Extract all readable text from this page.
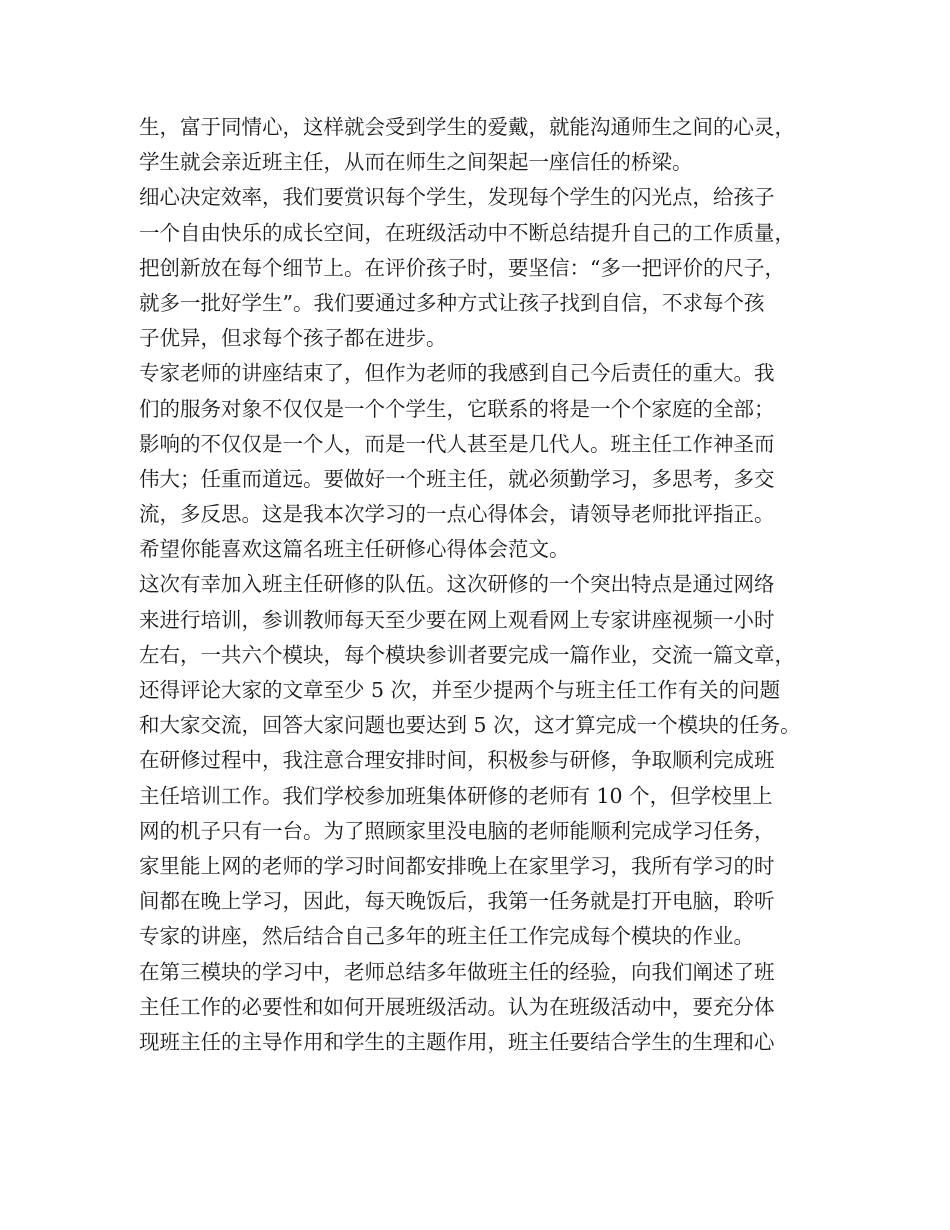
生，富于同情心，这样就会受到学生的爱戴，就能沟通师生之间的心灵，
学生就会亲近班主任，从而在师生之间架起一座信任的桥梁。
细心决定效率，我们要赏识每个学生，发现每个学生的闪光点，给孩子
一个自由快乐的成长空间，在班级活动中不断总结提升自己的工作质量，
把创新放在每个细节上。在评价孩子时，要坚信：“多一把评价的尺子，
就多一批好学生”。我们要通过多种方式让孩子找到自信，不求每个孩
子优异，但求每个孩子都在进步。
专家老师的讲座结束了，但作为老师的我感到自己今后责任的重大。我
们的服务对象不仅仅是一个个学生，它联系的将是一个个家庭的全部；
影响的不仅仅是一个人，而是一代人甚至是几代人。班主任工作神圣而
伟大；任重而道远。要做好一个班主任，就必须勤学习，多思考，多交
流，多反思。这是我本次学习的一点心得体会，请领导老师批评指正。
希望你能喜欢这篇名班主任研修心得体会范文。
这次有幸加入班主任研修的队伍。这次研修的一个突出特点是通过网络
来进行培训，参训教师每天至少要在网上观看网上专家讲座视频一小时
左右，一共六个模块，每个模块参训者要完成一篇作业，交流一篇文章，
还得评论大家的文章至少 5 次，并至少提两个与班主任工作有关的问题
和大家交流，回答大家问题也要达到 5 次，这才算完成一个模块的任务。
在研修过程中，我注意合理安排时间，积极参与研修，争取顺利完成班
主任培训工作。我们学校参加班集体研修的老师有 10 个，但学校里上
网的机子只有一台。为了照顾家里没电脑的老师能顺利完成学习任务，
家里能上网的老师的学习时间都安排晚上在家里学习，我所有学习的时
间都在晚上学习，因此，每天晚饭后，我第一任务就是打开电脑，聆听
专家的讲座，然后结合自己多年的班主任工作完成每个模块的作业。
在第三模块的学习中，老师总结多年做班主任的经验，向我们阐述了班
主任工作的必要性和如何开展班级活动。认为在班级活动中，要充分体
现班主任的主导作用和学生的主题作用，班主任要结合学生的生理和心
